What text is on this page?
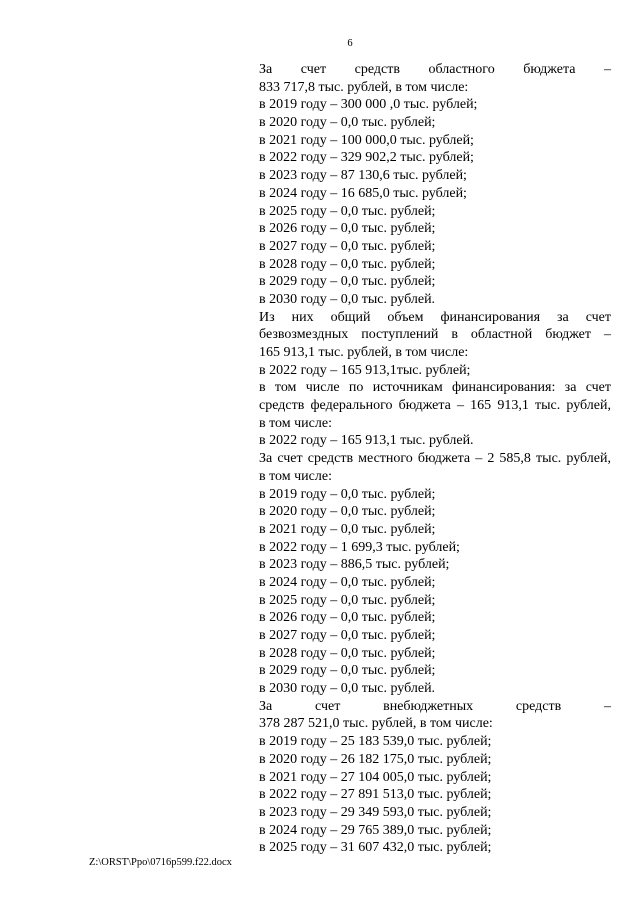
6
За счет средств областного бюджета –
833 717,8 тыс. рублей, в том числе:
в 2019 году – 300 000 ,0 тыс. рублей;
в 2020 году – 0,0 тыс. рублей;
в 2021 году – 100 000,0 тыс. рублей;
в 2022 году – 329 902,2 тыс. рублей;
в 2023 году – 87 130,6 тыс. рублей;
в 2024 году – 16 685,0 тыс. рублей;
в 2025 году – 0,0 тыс. рублей;
в 2026 году – 0,0 тыс. рублей;
в 2027 году – 0,0 тыс. рублей;
в 2028 году – 0,0 тыс. рублей;
в 2029 году – 0,0 тыс. рублей;
в 2030 году – 0,0 тыс. рублей.
Из них общий объем финансирования за счет
безвозмездных поступлений в областной бюджет –
165 913,1 тыс. рублей, в том числе:
в 2022 году – 165 913,1тыс. рублей;
в том числе по источникам финансирования: за счет
средств федерального бюджета – 165 913,1 тыс. рублей,
в том числе:
в 2022 году – 165 913,1 тыс. рублей.
За счет средств местного бюджета – 2 585,8 тыс. рублей,
в том числе:
в 2019 году – 0,0 тыс. рублей;
в 2020 году – 0,0 тыс. рублей;
в 2021 году – 0,0 тыс. рублей;
в 2022 году – 1 699,3 тыс. рублей;
в 2023 году – 886,5 тыс. рублей;
в 2024 году – 0,0 тыс. рублей;
в 2025 году – 0,0 тыс. рублей;
в 2026 году – 0,0 тыс. рублей;
в 2027 году – 0,0 тыс. рублей;
в 2028 году – 0,0 тыс. рублей;
в 2029 году – 0,0 тыс. рублей;
в 2030 году – 0,0 тыс. рублей.
За счет внебюджетных средств –
378 287 521,0 тыс. рублей, в том числе:
в 2019 году – 25 183 539,0 тыс. рублей;
в 2020 году – 26 182 175,0 тыс. рублей;
в 2021 году – 27 104 005,0 тыс. рублей;
в 2022 году – 27 891 513,0 тыс. рублей;
в 2023 году – 29 349 593,0 тыс. рублей;
в 2024 году – 29 765 389,0 тыс. рублей;
в 2025 году – 31 607 432,0 тыс. рублей;
Z:\ORST\Ppo\0716p599.f22.docx
